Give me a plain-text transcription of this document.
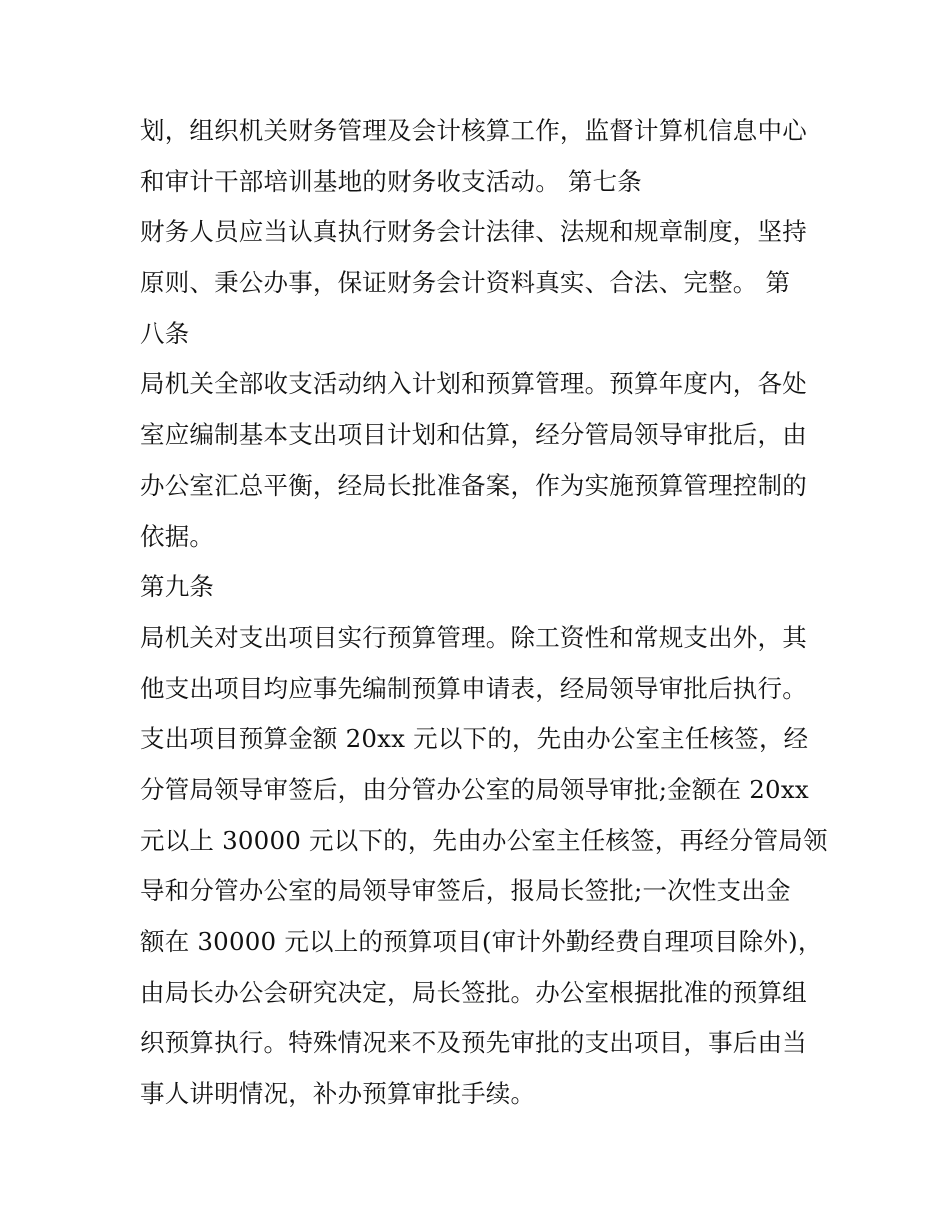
划，组织机关财务管理及会计核算工作，监督计算机信息中心
和审计干部培训基地的财务收支活动。 第七条
财务人员应当认真执行财务会计法律、法规和规章制度，坚持
原则、秉公办事，保证财务会计资料真实、合法、完整。 第
八条
局机关全部收支活动纳入计划和预算管理。预算年度内，各处
室应编制基本支出项目计划和估算，经分管局领导审批后，由
办公室汇总平衡，经局长批准备案，作为实施预算管理控制的
依据。
第九条
局机关对支出项目实行预算管理。除工资性和常规支出外，其
他支出项目均应事先编制预算申请表，经局领导审批后执行。
支出项目预算金额 20xx 元以下的，先由办公室主任核签，经
分管局领导审签后，由分管办公室的局领导审批;金额在 20xx
元以上 30000 元以下的，先由办公室主任核签，再经分管局领
导和分管办公室的局领导审签后，报局长签批;一次性支出金
额在 30000 元以上的预算项目(审计外勤经费自理项目除外)，
由局长办公会研究决定，局长签批。办公室根据批准的预算组
织预算执行。特殊情况来不及预先审批的支出项目，事后由当
事人讲明情况，补办预算审批手续。
